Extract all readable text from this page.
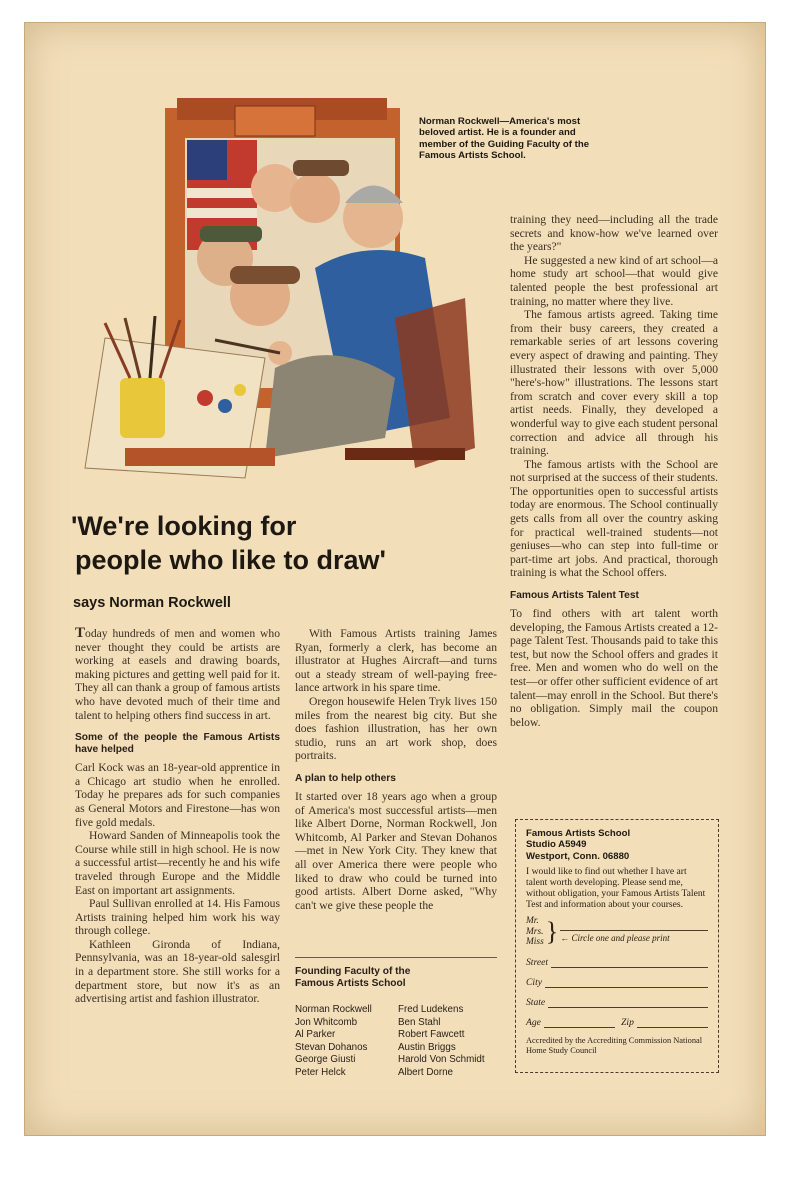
Norman Rockwell—America's most beloved artist. He is a founder and member of the Guiding Faculty of the Famous Artists School.
'We're looking for
people who like to draw'
says Norman Rockwell

Today hundreds of men and women who never thought they could be artists are working at easels and drawing boards, making pictures and getting well paid for it. They all can thank a group of famous artists who have devoted much of their time and talent to helping others find success in art.

Some of the people the Famous Artists have helped

Carl Kock was an 18-year-old apprentice in a Chicago art studio when he enrolled. Today he prepares ads for such companies as General Motors and Firestone—has won five gold medals.

Howard Sanden of Minneapolis took the Course while still in high school. He is now a successful artist—recently he and his wife traveled through Europe and the Middle East on important art assignments.

Paul Sullivan enrolled at 14. His Famous Artists training helped him work his way through college.

Kathleen Gironda of Indiana, Pennsylvania, was an 18-year-old salesgirl in a department store. She still works for a department store, but now it's as an advertising artist and fashion illustrator.

With Famous Artists training James Ryan, formerly a clerk, has become an illustrator at Hughes Aircraft—and turns out a steady stream of well-paying free-lance artwork in his spare time.

Oregon housewife Helen Tryk lives 150 miles from the nearest big city. But she does fashion illustration, has her own studio, runs an art work shop, does portraits.

A plan to help others

It started over 18 years ago when a group of America's most successful artists—men like Albert Dorne, Norman Rockwell, Jon Whitcomb, Al Parker and Stevan Dohanos—met in New York City. They knew that all over America there were people who liked to draw who could be turned into good artists. Albert Dorne asked, "Why can't we give these people the

Founding Faculty of the Famous Artists School
Norman Rockwell
Jon Whitcomb
Al Parker
Stevan Dohanos
George Giusti
Peter Helck
Fred Ludekens
Ben Stahl
Robert Fawcett
Austin Briggs
Harold Von Schmidt
Albert Dorne

training they need—including all the trade secrets and know-how we've learned over the years?"

He suggested a new kind of art school—a home study art school—that would give talented people the best professional art training, no matter where they live.

The famous artists agreed. Taking time from their busy careers, they created a remarkable series of art lessons covering every aspect of drawing and painting. They illustrated their lessons with over 5,000 "here's-how" illustrations. The lessons start from scratch and cover every skill a top artist needs. Finally, they developed a wonderful way to give each student personal correction and advice all through his training.

The famous artists with the School are not surprised at the success of their students. The opportunities open to successful artists today are enormous. The School continually gets calls from all over the country asking for practical well-trained students—not geniuses—who can step into full-time or part-time art jobs. And practical, thorough training is what the School offers.

Famous Artists Talent Test

To find others with art talent worth developing, the Famous Artists created a 12-page Talent Test. Thousands paid to take this test, but now the School offers and grades it free. Men and women who do well on the test—or offer other sufficient evidence of art talent—may enroll in the School. But there's no obligation. Simply mail the coupon below.

Famous Artists School
Studio A5949
Westport, Conn. 06880
I would like to find out whether I have art talent worth developing. Please send me, without obligation, your Famous Artists Talent Test and information about your courses.
Mr.
Mrs.
Miss } ← Circle one and please print
Street
City
State
Age	Zip
Accredited by the Accrediting Commission National Home Study Council
